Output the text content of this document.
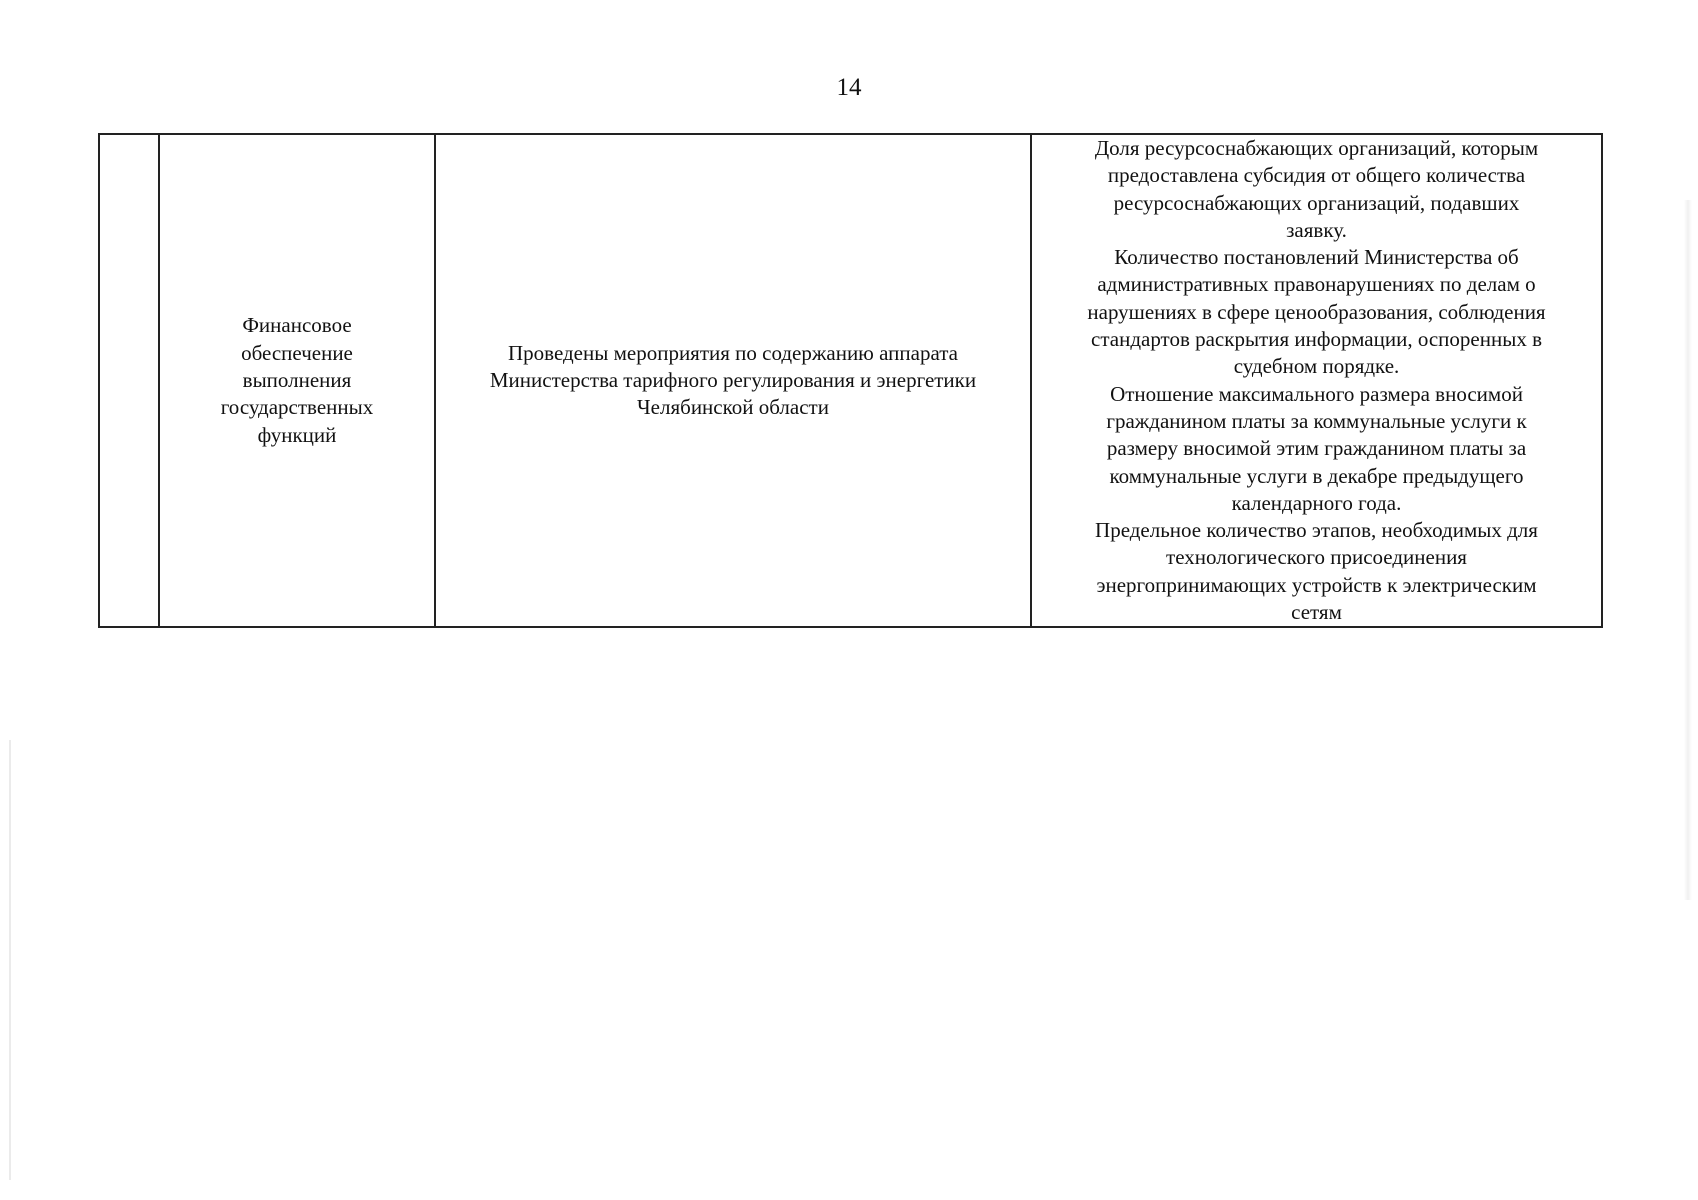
14

Финансовое
обеспечение
выполнения
государственных
функций

Проведены мероприятия по содержанию аппарата
Министерства тарифного регулирования и энергетики
Челябинской области

Доля ресурсоснабжающих организаций, которым
предоставлена субсидия от общего количества
ресурсоснабжающих организаций, подавших
заявку.
Количество постановлений Министерства об
административных правонарушениях по делам о
нарушениях в сфере ценообразования, соблюдения
стандартов раскрытия информации, оспоренных в
судебном порядке.
Отношение максимального размера вносимой
гражданином платы за коммунальные услуги к
размеру вносимой этим гражданином платы за
коммунальные услуги в декабре предыдущего
календарного года.
Предельное количество этапов, необходимых для
технологического присоединения
энергопринимающих устройств к электрическим
сетям
